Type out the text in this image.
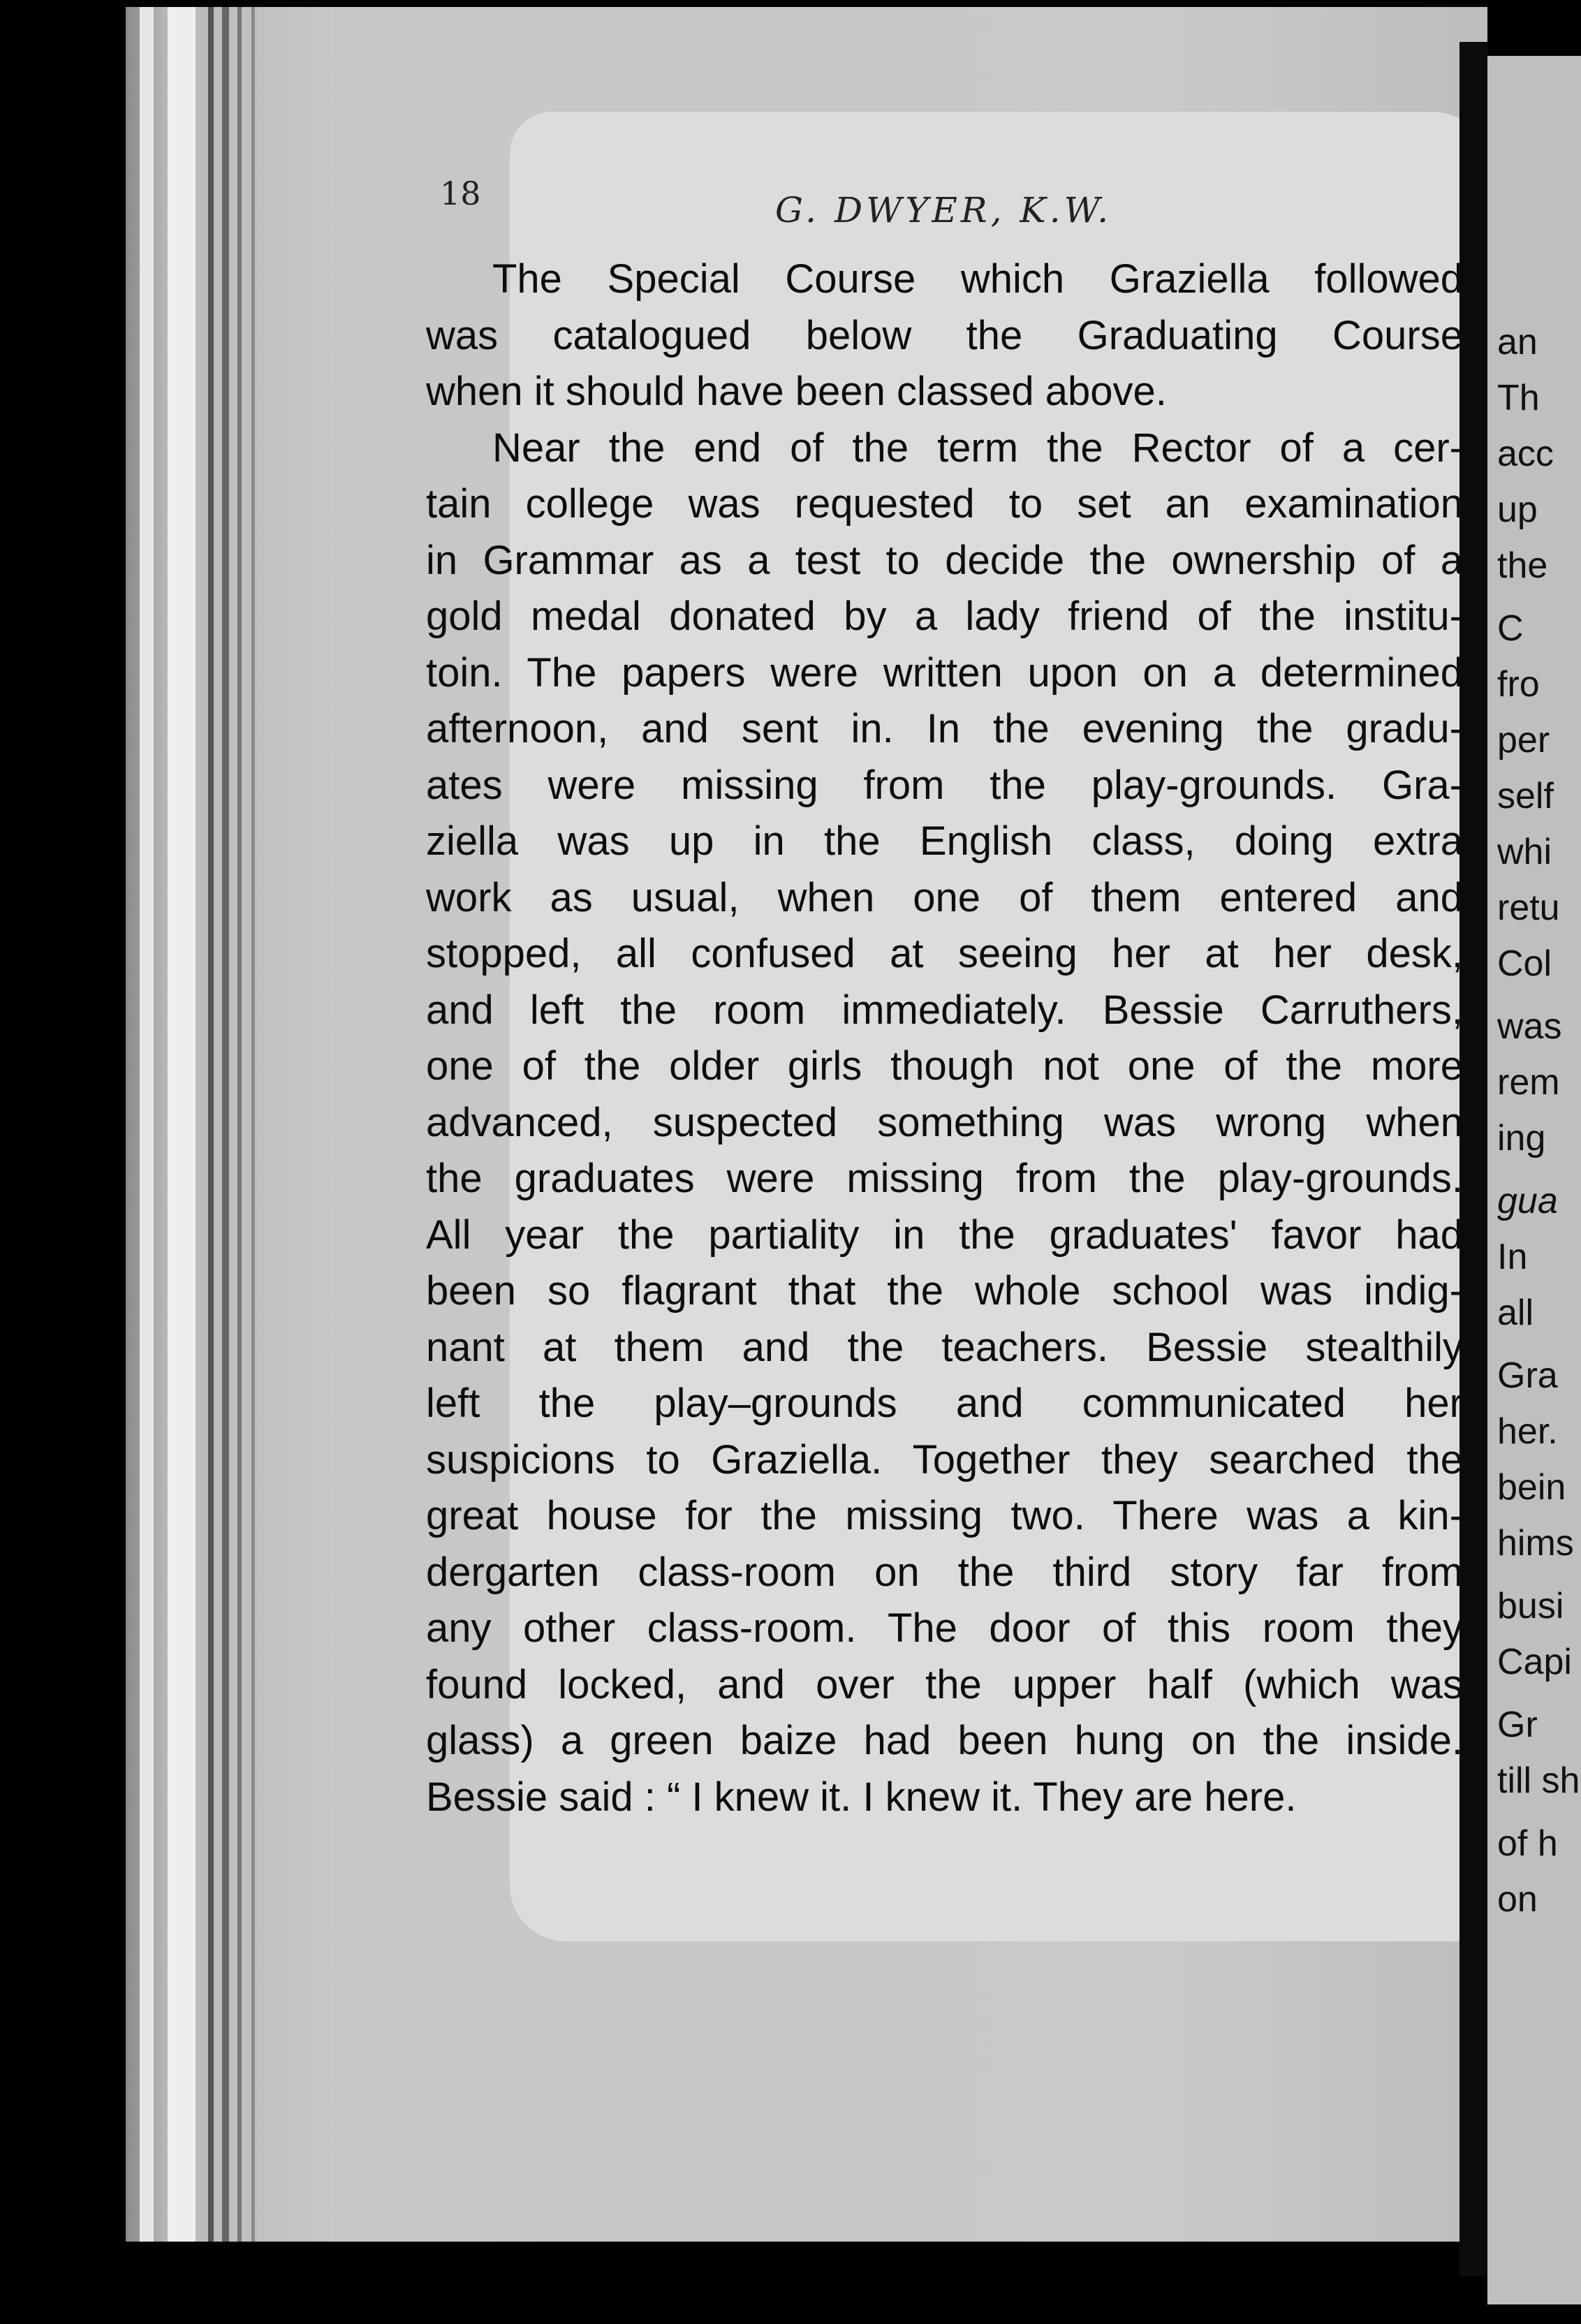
an
Th
acc
up
the
C
fro
per
self
whi
retu
Col
was
rem
ing
gua
In
all
Gra
her.
bein
hims
busi
Capi
Gr
till sh
of h
on
18	G. DWYER, K.W.
The Special Course which Graziella followed
was catalogued below the Graduating Course
when it should have been classed above.
Near the end of the term the Rector of a cer-
tain college was requested to set an examination
in Grammar as a test to decide the ownership of a
gold medal donated by a lady friend of the institu-
toin. The papers were written upon on a determined
afternoon, and sent in. In the evening the gradu-
ates were missing from the play-grounds. Gra-
ziella was up in the English class, doing extra
work as usual, when one of them entered and
stopped, all confused at seeing her at her desk,
and left the room immediately. Bessie Carruthers,
one of the older girls though not one of the more
advanced, suspected something was wrong when
the graduates were missing from the play-grounds.
All year the partiality in the graduates' favor had
been so flagrant that the whole school was indig-
nant at them and the teachers. Bessie stealthily
left the play–grounds and communicated her
suspicions to Graziella. Together they searched the
great house for the missing two. There was a kin-
dergarten class-room on the third story far from
any other class-room. The door of this room they
found locked, and over the upper half (which was
glass) a green baize had been hung on the inside.
Bessie said : “ I knew it. I knew it. They are here.
